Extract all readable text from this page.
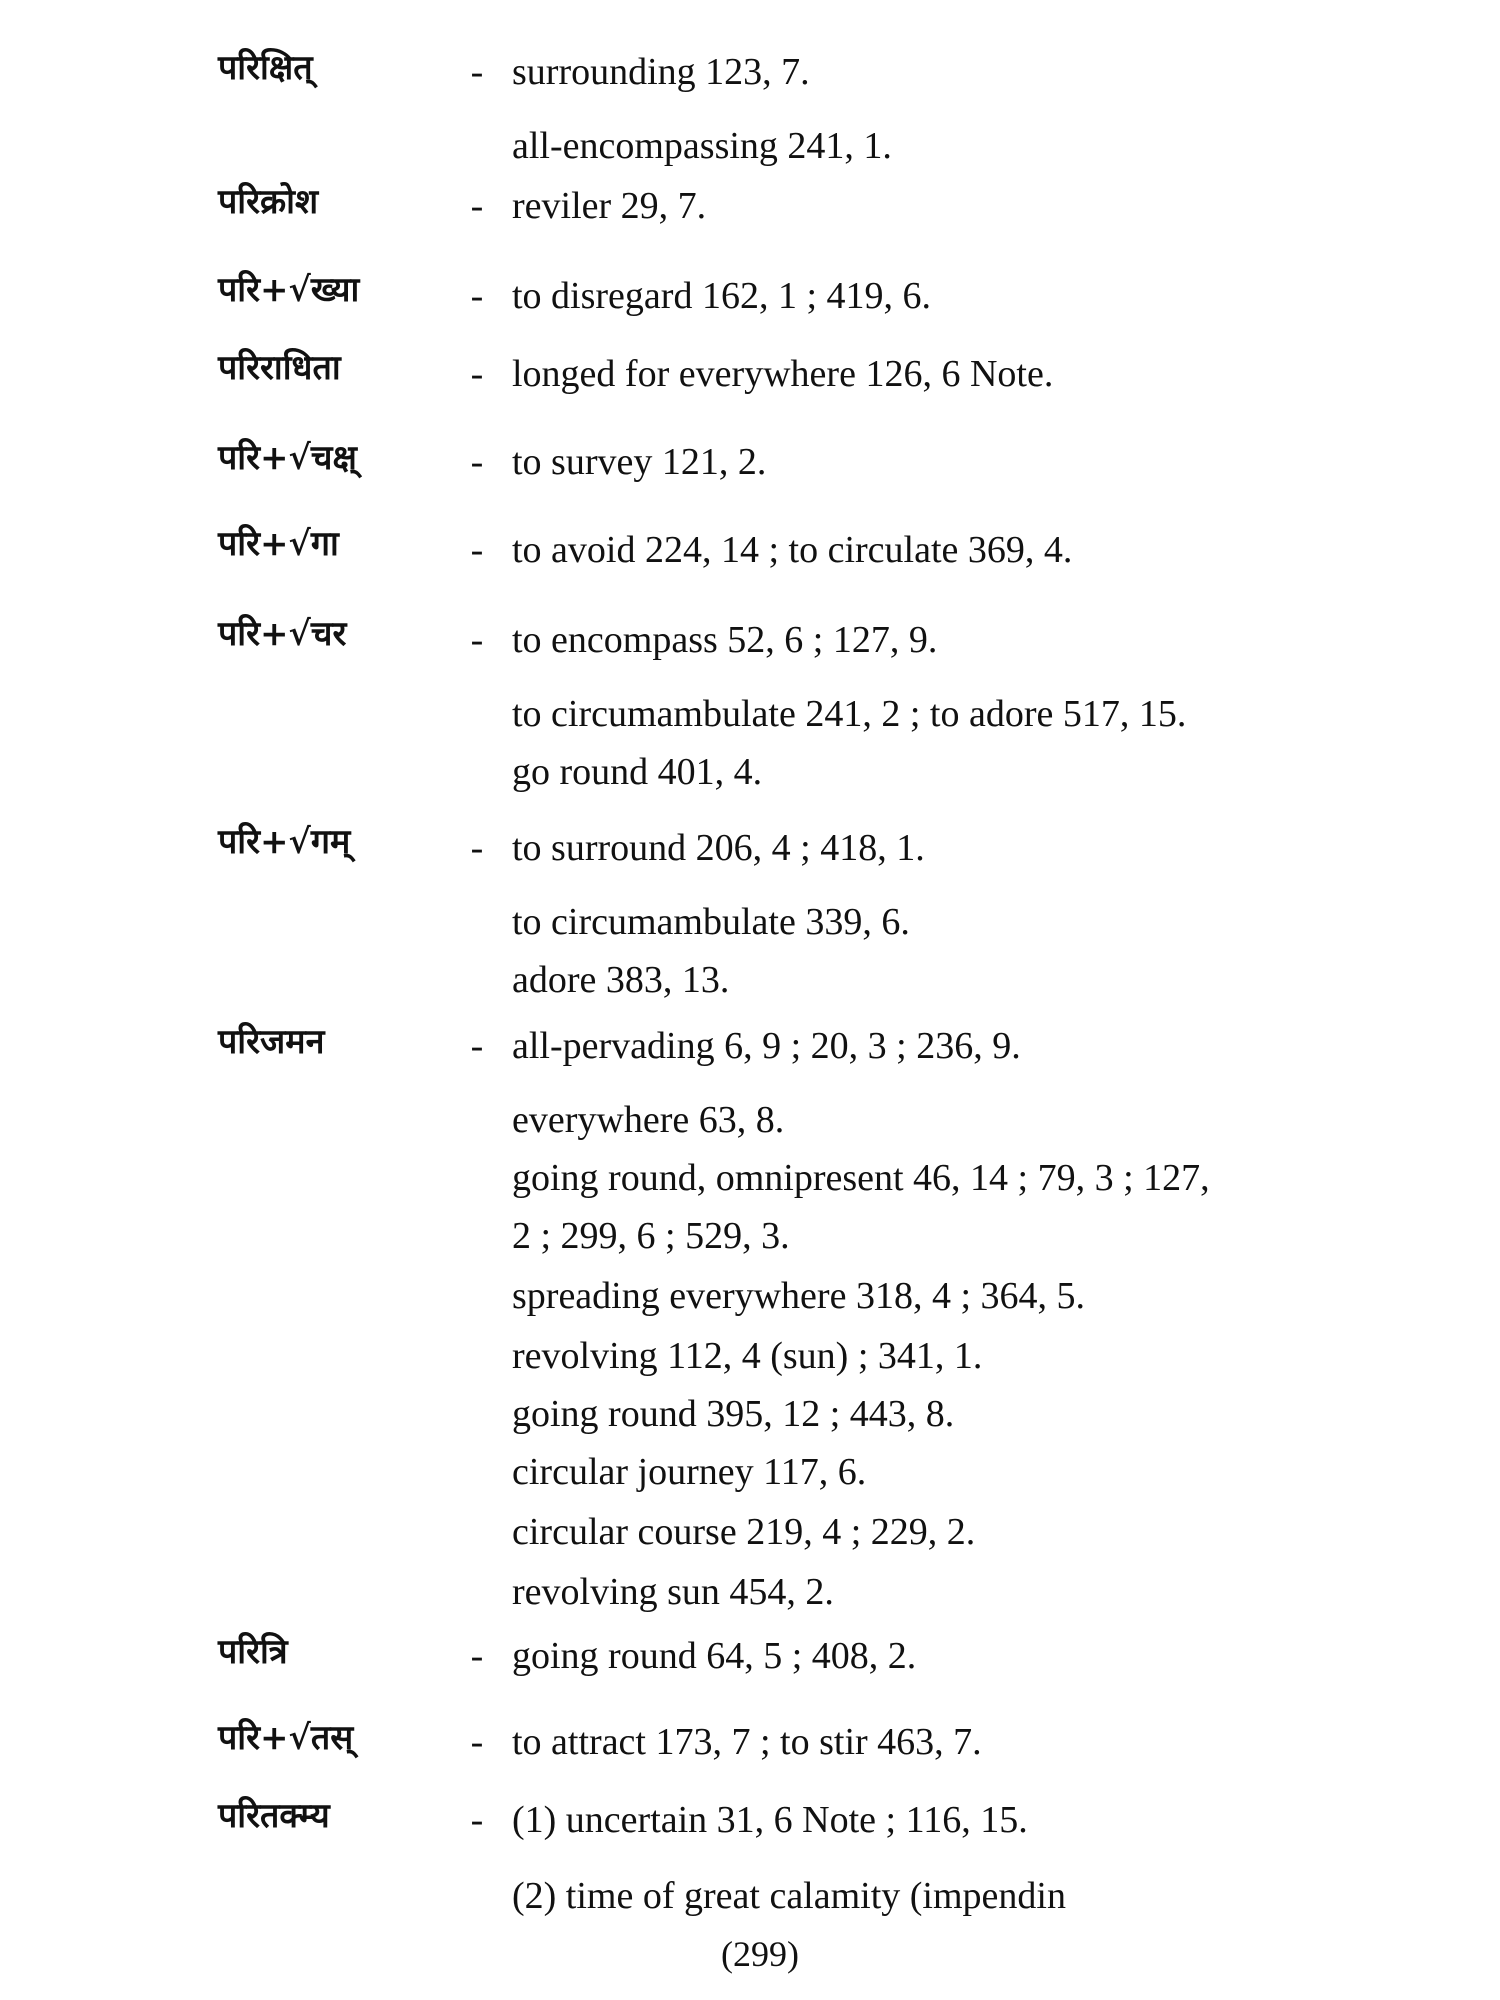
परिक्षित्	- surrounding 123, 7.
all-encompassing 241, 1.
परिक्रोश	- reviler 29, 7.
परि+√ख्या	- to disregard 162, 1 ; 419, 6.
परिराधिता	- longed for everywhere 126, 6 Note.
परि+√चक्ष्	- to survey 121, 2.
परि+√गा	- to avoid 224, 14 ; to circulate 369, 4.
परि+√चर	- to encompass 52, 6 ; 127, 9.
to circumambulate 241, 2 ; to adore 517, 15.
go round 401, 4.
परि+√गम्	- to surround 206, 4 ; 418, 1.
to circumambulate 339, 6.
adore 383, 13.
परिजमन	- all-pervading 6, 9 ; 20, 3 ; 236, 9.
everywhere 63, 8.
going round, omnipresent 46, 14 ; 79, 3 ; 127,
2 ; 299, 6 ; 529, 3.
spreading everywhere 318, 4 ; 364, 5.
revolving 112, 4 (sun) ; 341, 1.
going round 395, 12 ; 443, 8.
circular journey 117, 6.
circular course 219, 4 ; 229, 2.
revolving sun 454, 2.
परित्रि	- going round 64, 5 ; 408, 2.
परि+√तस्	- to attract 173, 7 ; to stir 463, 7.
परितक्म्य	- (1) uncertain 31, 6 Note ; 116, 15.
(2) time of great calamity (impendin
(299)
